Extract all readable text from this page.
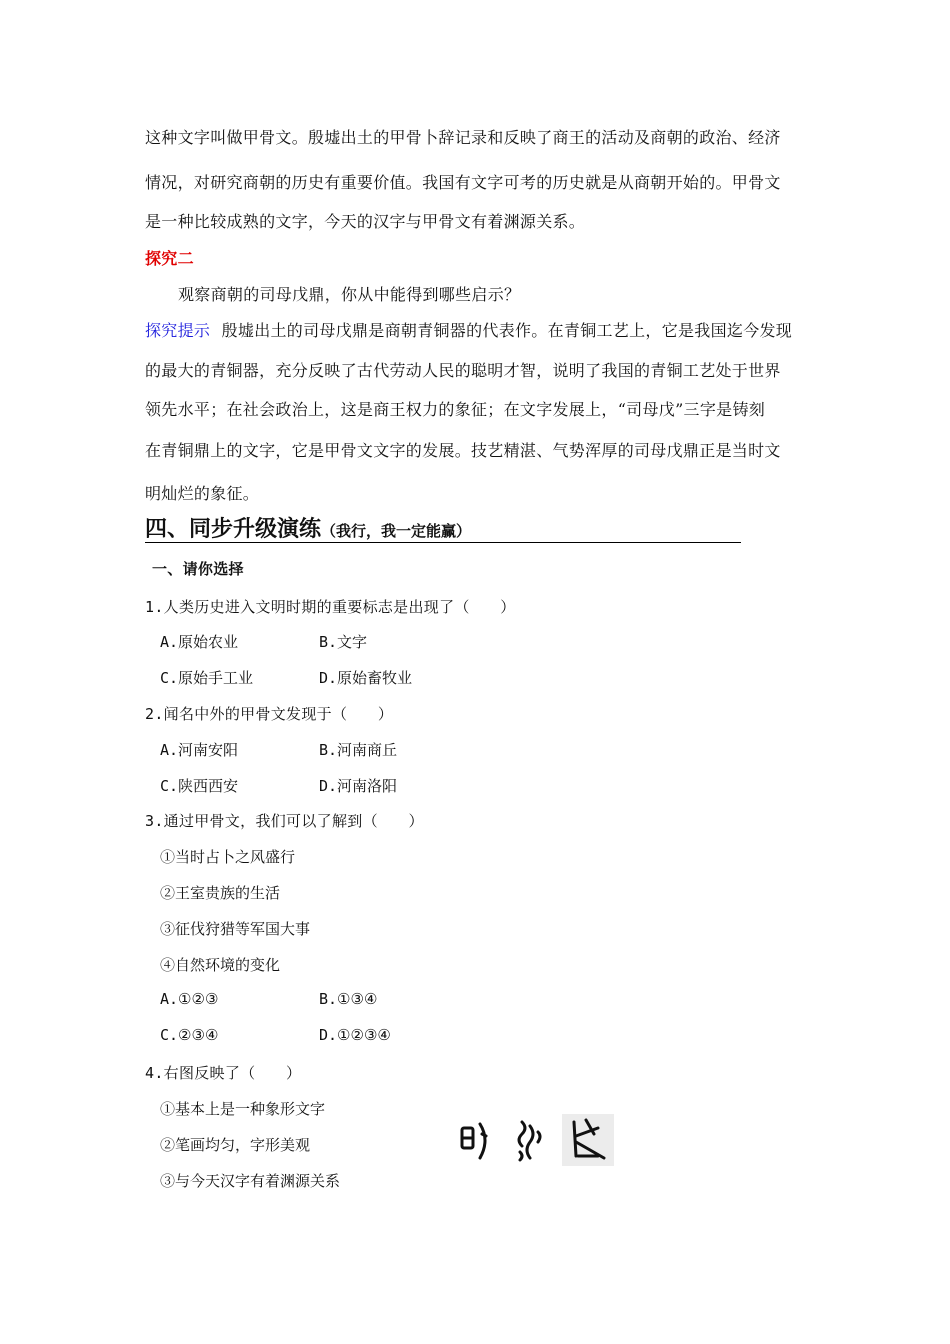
这种文字叫做甲骨文。殷墟出土的甲骨卜辞记录和反映了商王的活动及商朝的政治、经济
情况，对研究商朝的历史有重要价值。我国有文字可考的历史就是从商朝开始的。甲骨文
是一种比较成熟的文字，今天的汉字与甲骨文有着渊源关系。
探究二
观察商朝的司母戊鼎，你从中能得到哪些启示？
探究提示 殷墟出土的司母戊鼎是商朝青铜器的代表作。在青铜工艺上，它是我国迄今发现
的最大的青铜器，充分反映了古代劳动人民的聪明才智，说明了我国的青铜工艺处于世界
领先水平；在社会政治上，这是商王权力的象征；在文字发展上，“司母戊”三字是铸刻
在青铜鼎上的文字，它是甲骨文文字的发展。技艺精湛、气势浑厚的司母戊鼎正是当时文
明灿烂的象征。
四、同步升级演练（我行，我一定能赢）
一、请你选择
1.人类历史进入文明时期的重要标志是出现了（　　）
A.原始农业	B.文字
C.原始手工业	D.原始畜牧业
2.闻名中外的甲骨文发现于（　　）
A.河南安阳	B.河南商丘
C.陕西西安	D.河南洛阳
3.通过甲骨文，我们可以了解到（　　）
①当时占卜之风盛行
②王室贵族的生活
③征伐狩猎等军国大事
④自然环境的变化
A.①②③	B.①③④
C.②③④	D.①②③④
4.右图反映了（　　）
①基本上是一种象形文字
②笔画均匀，字形美观
③与今天汉字有着渊源关系
